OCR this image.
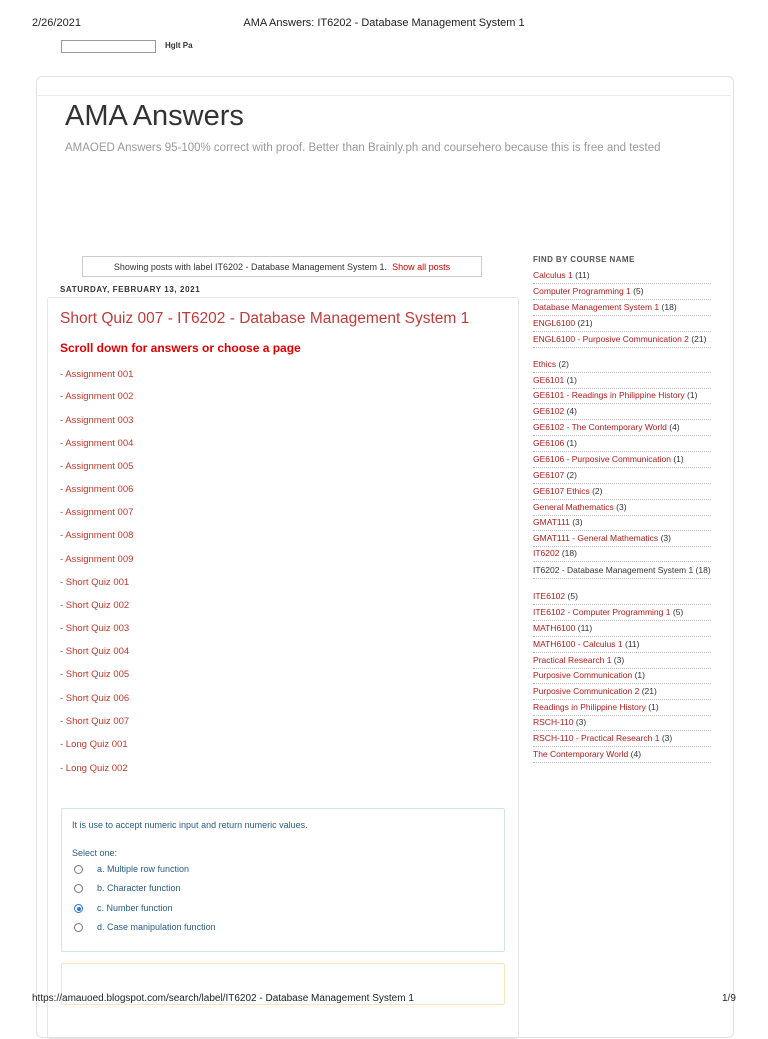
2/26/2021	AMA Answers: IT6202 - Database Management System 1
Hglt Pa
AMA Answers
AMAOED Answers 95-100% correct with proof. Better than Brainly.ph and coursehero because this is free and tested
Showing posts with label IT6202 - Database Management System 1. Show all posts
SATURDAY, FEBRUARY 13, 2021
Short Quiz 007 - IT6202 - Database Management System 1
Scroll down for answers or choose a page
- Assignment 001
- Assignment 002
- Assignment 003
- Assignment 004
- Assignment 005
- Assignment 006
- Assignment 007
- Assignment 008
- Assignment 009
- Short Quiz 001
- Short Quiz 002
- Short Quiz 003
- Short Quiz 004
- Short Quiz 005
- Short Quiz 006
- Short Quiz 007
- Long Quiz 001
- Long Quiz 002
It is use to accept numeric input and return numeric values.
Select one:
a. Multiple row function
b. Character function
c. Number function
d. Case manipulation function
FIND BY COURSE NAME
Calculus 1 (11)
Computer Programming 1 (5)
Database Management System 1 (18)
ENGL6100 (21)
ENGL6100 - Purposive Communication 2 (21)
Ethics (2)
GE6101 (1)
GE6101 - Readings in Philippine History (1)
GE6102 (4)
GE6102 - The Contemporary World (4)
GE6106 (1)
GE6106 - Purposive Communication (1)
GE6107 (2)
GE6107 Ethics (2)
General Mathematics (3)
GMAT111 (3)
GMAT111 - General Mathematics (3)
IT6202 (18)
IT6202 - Database Management System 1 (18)
ITE6102 (5)
ITE6102 - Computer Programming 1 (5)
MATH6100 (11)
MATH6100 - Calculus 1 (11)
Practical Research 1 (3)
Purposive Communication (1)
Purposive Communication 2 (21)
Readings in Philippine History (1)
RSCH-110 (3)
RSCH-110 - Practical Research 1 (3)
The Contemporary World (4)
https://amauoed.blogspot.com/search/label/IT6202 - Database Management System 1	1/9
